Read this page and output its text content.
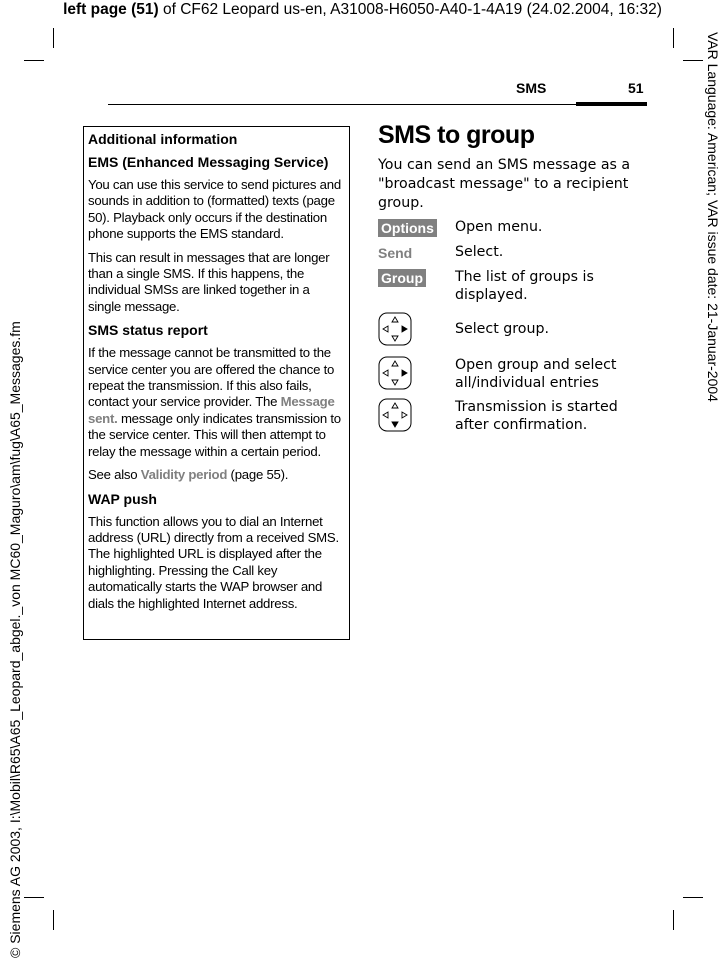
left page (51) of CF62 Leopard us-en, A31008-H6050-A40-1-4A19 (24.02.2004, 16:32)
© Siemens AG 2003, I:\Mobil\R65\A65_Leopard_abgel._von MC60_Maguro\am\fug\A65_Messages.fm
VAR Language: American; VAR issue date: 21-Januar-2004
SMS	51
Additional information
EMS (Enhanced Messaging Service)

You can use this service to send pictures and sounds in addition to (formatted) texts (page 50). Playback only occurs if the destination phone supports the EMS standard.

This can result in messages that are longer than a single SMS. If this happens, the individual SMSs are linked together in a single message.

SMS status report

If the message cannot be transmitted to the service center you are offered the chance to repeat the transmission. If this also fails, contact your service provider. The Message sent. message only indicates transmission to the service center. This will then attempt to relay the message within a certain period.

See also Validity period (page 55).

WAP push

This function allows you to dial an Internet address (URL) directly from a received SMS. The highlighted URL is displayed after the highlighting. Pressing the Call key automatically starts the WAP browser and dials the highlighted Internet address.

SMS to group
You can send an SMS message as a "broadcast message" to a recipient group.
Options Open menu.
Send	Select.
Group The list of groups is displayed.
Select group.
Open group and select all/individual entries
Transmission is started after confirmation.
